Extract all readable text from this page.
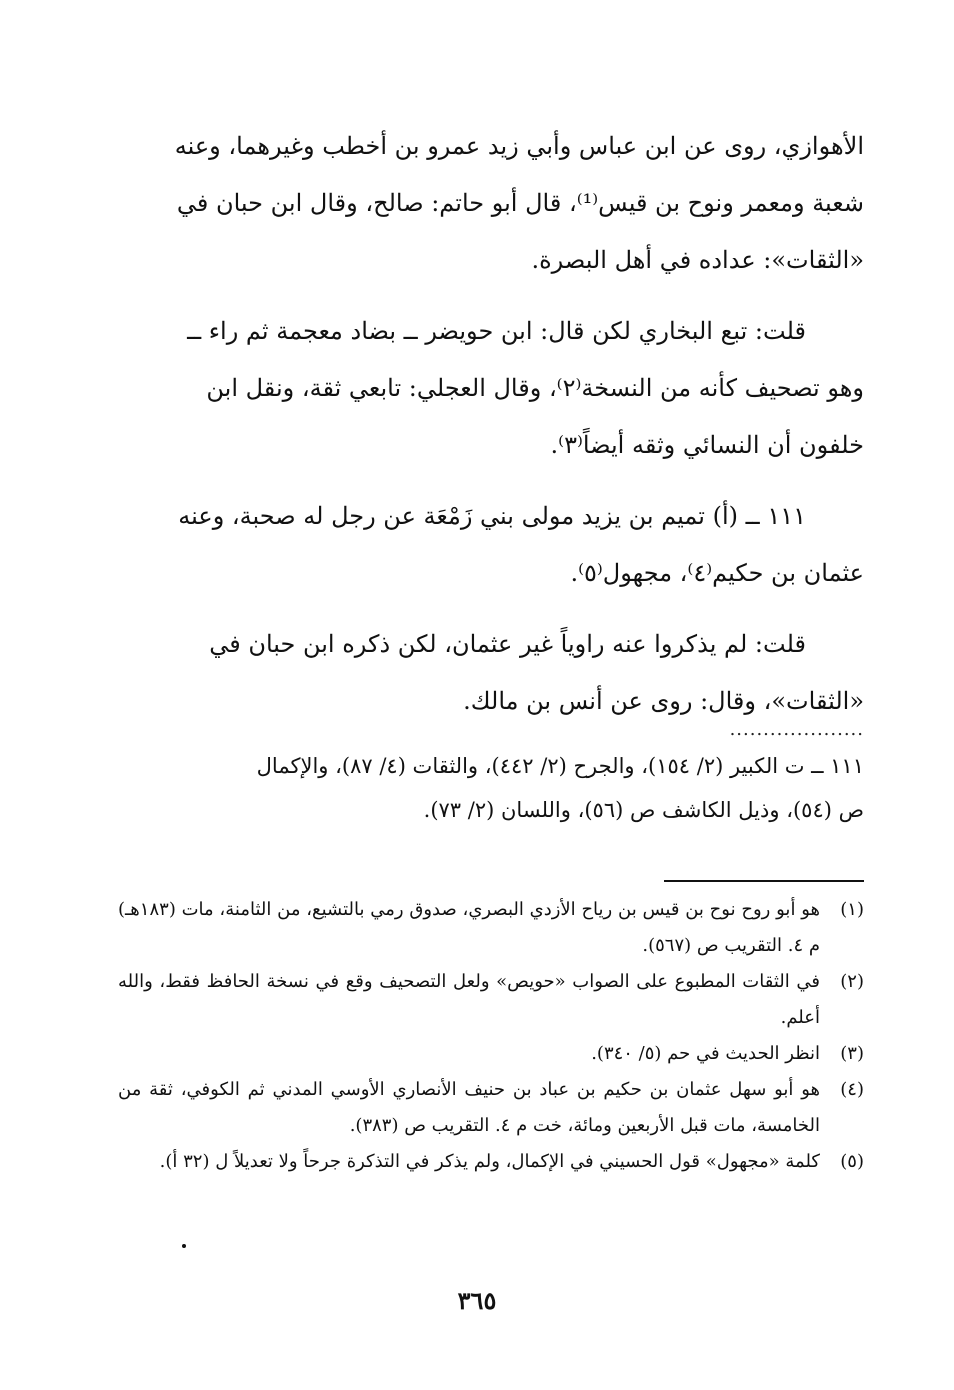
الأهوازي، روى عن ابن عباس وأبي زيد عمرو بن أخطب وغيرهما، وعنه

شعبة ومعمر ونوح بن قيس⁽¹⁾، قال أبو حاتم: صالح، وقال ابن حبان في

«الثقات»: عداده في أهل البصرة.

قلت: تبع البخاري لكن قال: ابن حويضر ــ بضاد معجمة ثم راء ــ

وهو تصحيف كأنه من النسخة⁽٢⁾، وقال العجلي: تابعي ثقة، ونقل ابن

خلفون أن النسائي وثقه أيضاً⁽٣⁾.

١١١ ــ (أ) تميم بن يزيد مولى بني زَمْعَة عن رجل له صحبة، وعنه

عثمان بن حكيم⁽٤⁾، مجهول⁽٥⁾.

قلت: لم يذكروا عنه راوياً غير عثمان، لكن ذكره ابن حبان في

«الثقات»، وقال: روى عن أنس بن مالك.

....................
١١١ ــ ت الكبير (٢/ ١٥٤)، والجرح (٢/ ٤٤٢)، والثقات (٤/ ٨٧)، والإكمال
ص (٥٤)، وذيل الكاشف ص (٥٦)، واللسان (٢/ ٧٣).
(١)
هو أبو روح نوح بن قيس بن رياح الأزدي البصري، صدوق رمي بالتشيع، من الثامنة، مات (١٨٣هـ) م ٤. التقريب ص (٥٦٧).
(٢)
في الثقات المطبوع على الصواب «حويص» ولعل التصحيف وقع في نسخة الحافظ فقط، والله أعلم.
(٣)
انظر الحديث في حم (٥/ ٣٤٠).
(٤)
هو أبو سهل عثمان بن حكيم بن عباد بن حنيف الأنصاري الأوسي المدني ثم الكوفي، ثقة من الخامسة، مات قبل الأربعين ومائة، خت م ٤. التقريب ص (٣٨٣).
(٥)
كلمة «مجهول» قول الحسيني في الإكمال، ولم يذكر في التذكرة جرحاً ولا تعديلاً ل (٣٢ أ).
٣٦٥
